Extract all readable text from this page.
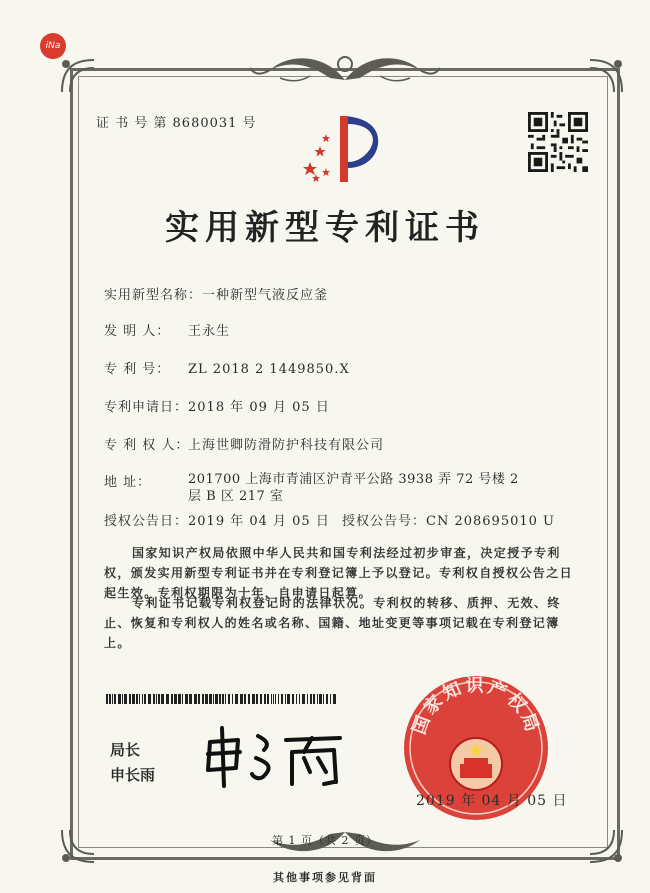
iNa
证 书 号 第 8680031 号
实用新型专利证书
实用新型名称：一种新型气液反应釜
发 明 人： 王永生
专 利 号： ZL 2018 2 1449850.X
专利申请日：2018 年 09 月 05 日
专 利 权 人：上海世卿防滑防护科技有限公司
地 址：	201700 上海市青浦区沪青平公路 3938 弄 72 号楼 2 层 B 区 217 室
授权公告日：2019 年 04 月 05 日 授权公告号：CN 208695010 U
国家知识产权局依照中华人民共和国专利法经过初步审查，决定授予专利权，颁发实用新型专利证书并在专利登记簿上予以登记。专利权自授权公告之日起生效。专利权期限为十年，自申请日起算。
专利证书记载专利权登记时的法律状况。专利权的转移、质押、无效、终止、恢复和专利权人的姓名或名称、国籍、地址变更等事项记载在专利登记簿上。
局长
申长雨
国家知识产权局
2019 年 04 月 05 日
第 1 页（共 2 页）
其他事项参见背面
